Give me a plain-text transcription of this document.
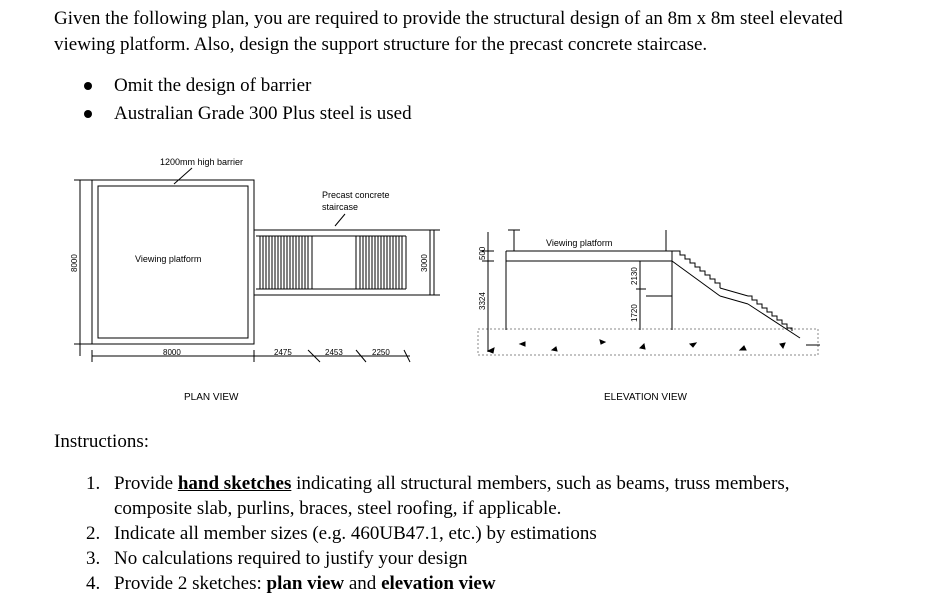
Given the following plan, you are required to provide the structural design of an 8m x 8m steel elevated viewing platform. Also, design the support structure for the precast concrete staircase.
Omit the design of barrier
Australian Grade 300 Plus steel is used
1200mm high barrier
Precast concrete
staircase
Viewing platform
8000
8000	2475	2453	2250
3000
PLAN VIEW
Viewing platform
500
3324
2130
1720
ELEVATION VIEW
Instructions:
1. Provide hand sketches indicating all structural members, such as beams, truss members,
composite slab, purlins, braces, steel roofing, if applicable.
2. Indicate all member sizes (e.g. 460UB47.1, etc.) by estimations
3. No calculations required to justify your design
4. Provide 2 sketches: plan view and elevation view
